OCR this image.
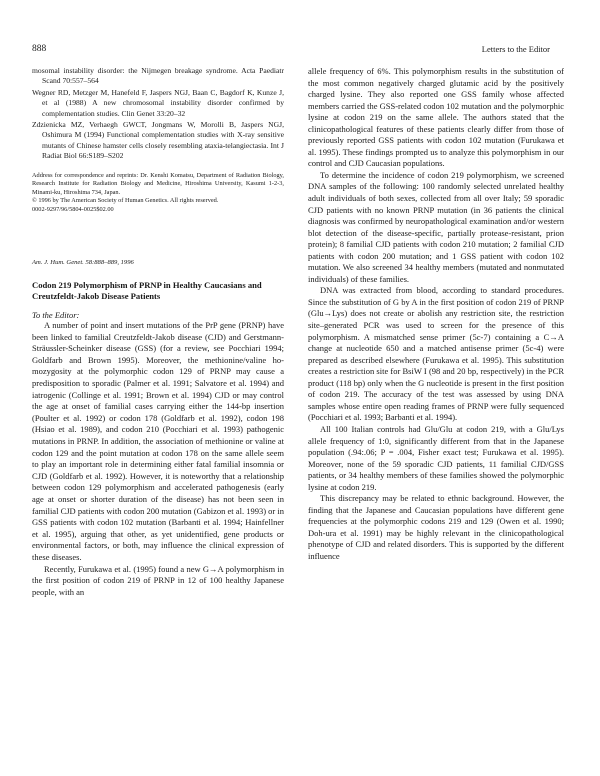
888	Letters to the Editor

mosomal instability disorder: the Nijmegen breakage syndrome. Acta Paediatr Scand 70:557–564

Wegner RD, Metzger M, Hanefeld F, Jaspers NGJ, Baan C, Bagdorf K, Kunze J, et al (1988) A new chromosomal instability disorder confirmed by complementation studies. Clin Genet 33:20–32

Zdzienicka MZ, Verhaegh GWCT, Jongmans W, Morolli B, Jaspers NGJ, Oshimura M (1994) Functional complementation studies with X-ray sensitive mutants of Chinese hamster cells closely resembling ataxia-telangiectasia. Int J Radiat Biol 66:S189–S202

Address for correspondence and reprints: Dr. Kenshi Komatsu, Department of Radiation Biology, Research Institute for Radiation Biology and Medicine, Hiroshima University, Kasumi 1-2-3, Minami-ku, Hiroshima 734, Japan.

© 1996 by The American Society of Human Genetics. All rights reserved.

0002-9297/96/5804-0025$02.00

Am. J. Hum. Genet. 58:888–889, 1996
Codon 219 Polymorphism of PRNP in Healthy Caucasians and Creutzfeldt-Jakob Disease Patients
To the Editor:

A number of point and insert mutations of the PrP gene (PRNP) have been linked to familial Creutzfeldt-Jakob disease (CJD) and Gerstmann-Sträussler-Scheinker disease (GSS) (for a review, see Pocchiari 1994; Goldfarb and Brown 1995). Moreover, the methionine/valine homozygosity at the polymorphic codon 129 of PRNP may cause a predisposition to sporadic (Palmer et al. 1991; Salvatore et al. 1994) and iatrogenic (Collinge et al. 1991; Brown et al. 1994) CJD or may control the age at onset of familial cases carrying either the 144-bp insertion (Poulter et al. 1992) or codon 178 (Goldfarb et al. 1992), codon 198 (Hsiao et al. 1989), and codon 210 (Pocchiari et al. 1993) pathogenic mutations in PRNP. In addition, the association of methionine or valine at codon 129 and the point mutation at codon 178 on the same allele seem to play an important role in determining either fatal familial insomnia or CJD (Goldfarb et al. 1992). However, it is noteworthy that a relationship between codon 129 polymorphism and accelerated pathogenesis (early age at onset or shorter duration of the disease) has not been seen in familial CJD patients with codon 200 mutation (Gabizon et al. 1993) or in GSS patients with codon 102 mutation (Barbanti et al. 1994; Hainfellner et al. 1995), arguing that other, as yet unidentified, gene products or environmental factors, or both, may influence the clinical expression of these diseases.

Recently, Furukawa et al. (1995) found a new G→A polymorphism in the first position of codon 219 of PRNP in 12 of 100 healthy Japanese people, with an

allele frequency of 6%. This polymorphism results in the substitution of the most common negatively charged glutamic acid by the positively charged lysine. They also reported one GSS family whose affected members carried the GSS-related codon 102 mutation and the polymorphic lysine at codon 219 on the same allele. The authors stated that the clinicopathological features of these patients clearly differ from those of previously reported GSS patients with codon 102 mutation (Furukawa et al. 1995). These findings prompted us to analyze this polymorphism in our control and CJD Caucasian populations.

To determine the incidence of codon 219 polymorphism, we screened DNA samples of the following: 100 randomly selected unrelated healthy adult individuals of both sexes, collected from all over Italy; 59 sporadic CJD patients with no known PRNP mutation (in 36 patients the clinical diagnosis was confirmed by neuropathological examination and/or western blot detection of the disease-specific, partially protease-resistant, prion protein); 8 familial CJD patients with codon 210 mutation; 2 familial CJD patients with codon 200 mutation; and 1 GSS patient with codon 102 mutation. We also screened 34 healthy members (mutated and nonmutated individuals) of these families.

DNA was extracted from blood, according to standard procedures. Since the substitution of G by A in the first position of codon 219 of PRNP (Glu→Lys) does not create or abolish any restriction site, the restriction site–generated PCR was used to screen for the presence of this polymorphism. A mismatched sense primer (5c-7) containing a C→A change at nucleotide 650 and a matched antisense primer (5c-4) were prepared as described elsewhere (Furukawa et al. 1995). This substitution creates a restriction site for BsiW I (98 and 20 bp, respectively) in the PCR product (118 bp) only when the G nucleotide is present in the first position of codon 219. The accuracy of the test was assessed by using DNA samples whose entire open reading frames of PRNP were fully sequenced (Pocchiari et al. 1993; Barbanti et al. 1994).

All 100 Italian controls had Glu/Glu at codon 219, with a Glu/Lys allele frequency of 1:0, significantly different from that in the Japanese population (.94:.06; P = .004, Fisher exact test; Furukawa et al. 1995). Moreover, none of the 59 sporadic CJD patients, 11 familial CJD/GSS patients, or 34 healthy members of these families showed the polymorphic lysine at codon 219.

This discrepancy may be related to ethnic background. However, the finding that the Japanese and Caucasian populations have different gene frequencies at the polymorphic codons 219 and 129 (Owen et al. 1990; Doh-ura et al. 1991) may be highly relevant in the clinicopathological phenotype of CJD and related disorders. This is supported by the different influence
